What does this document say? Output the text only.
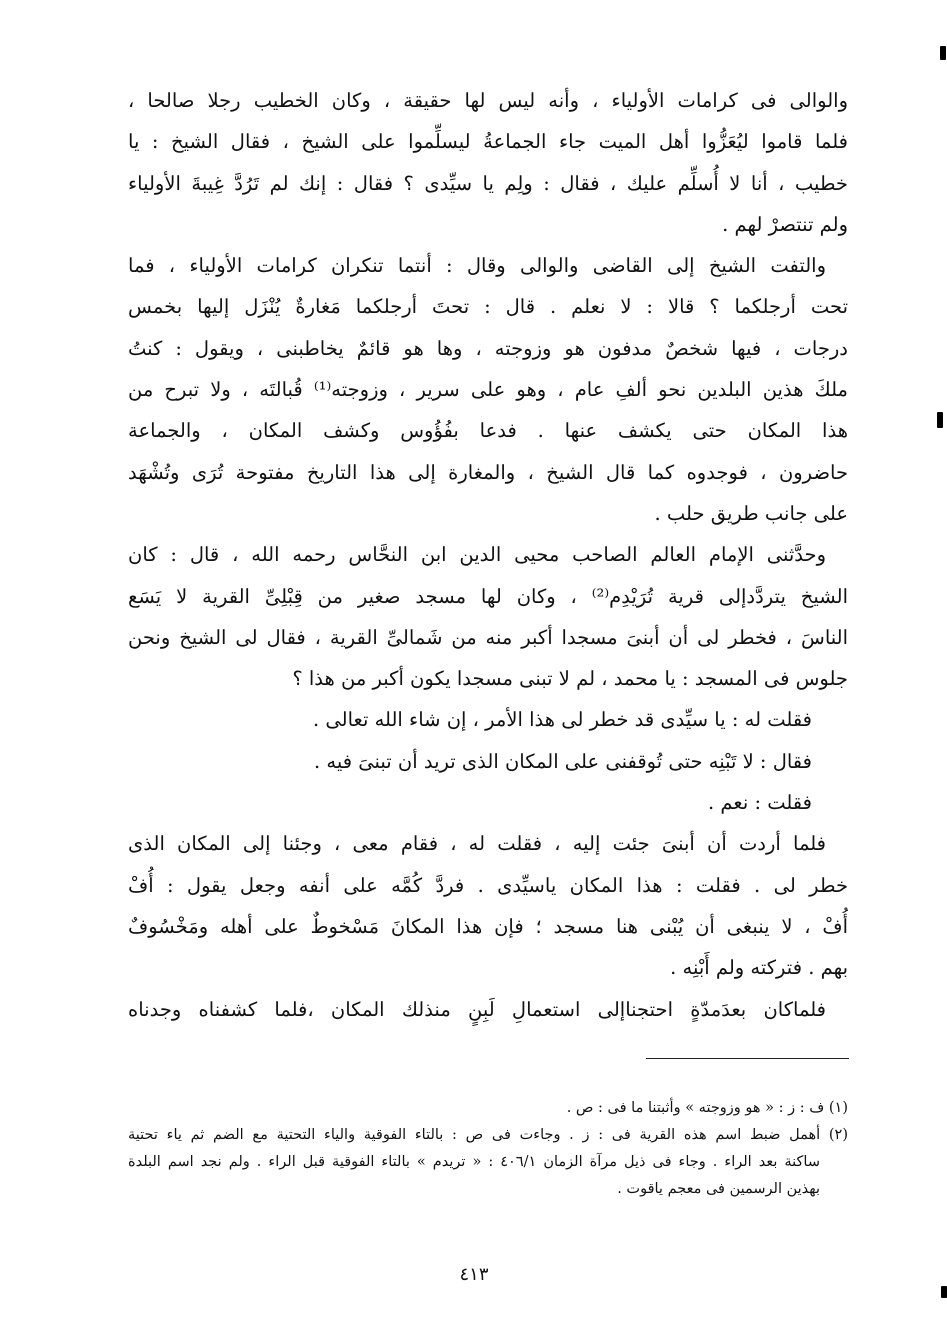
والوالى فى كرامات الأولياء ، وأنه ليس لها حقيقة ، وكان الخطيب رجلا صالحا ،
فلما قاموا ليُعَزُّوا أهل الميت جاء الجماعةُ ليسلِّموا على الشيخ ، فقال الشيخ : يا
خطيب ، أنا لا أُسلِّم عليك ، فقال : ولِم يا سيِّدى ؟ فقال : إنك لم تَرُدَّ غِيبةَ الأولياء
ولم تنتصرْ لهم .
والتفت الشيخ إلى القاضى والوالى وقال : أنتما تنكران كرامات الأولياء ، فما
تحت أرجلكما ؟ قالا : لا نعلم . قال : تحتَ أرجلكما مَغارةٌ يُنْزَل إليها بخمس
درجات ، فيها شخصٌ مدفون هو وزوجته ، وها هو قائمٌ يخاطبنى ، ويقول : كنتُ
ملكَ هذين البلدين نحو ألفِ عام ، وهو على سرير ، وزوجته⁽¹⁾ قُبالتَه ، ولا تبرح من
هذا المكان حتى يكشف عنها . فدعا بفُؤُوس وكشف المكان ، والجماعة
حاضرون ، فوجدوه كما قال الشيخ ، والمغارة إلى هذا التاريخ مفتوحة تُرَى وتُشْهَد
على جانب طريق حلب .
وحدَّثنى الإمام العالم الصاحب محيى الدين ابن النحَّاس رحمه الله ، قال : كان
الشيخ يتردَّدإلى قرية تُرَيْدِم⁽²⁾ ، وكان لها مسجد صغير من قِبْلِىِّ القرية لا يَسَع
الناسَ ، فخطر لى أن أبنىَ مسجدا أكبر منه من شَمالىِّ القرية ، فقال لى الشيخ ونحن
جلوس فى المسجد : يا محمد ، لم لا تبنى مسجدا يكون أكبر من هذا ؟
فقلت له : يا سيِّدى قد خطر لى هذا الأمر ، إن شاء الله تعالى .
فقال : لا تَبْنِه حتى تُوقفنى على المكان الذى تريد أن تبنىَ فيه .
فقلت : نعم .
فلما أردت أن أبنىَ جئت إليه ، فقلت له ، فقام معى ، وجئنا إلى المكان الذى
خطر لى . فقلت : هذا المكان ياسيِّدى . فردَّ كُمَّه على أنفه وجعل يقول : أُفْ
أُفْ ، لا ينبغى أن يُبْنى هنا مسجد ؛ فإن هذا المكانَ مَسْخوطٌ على أهله ومَخْسُوفٌ
بهم . فتركته ولم أَبْنِه .
فلماكان بعدَمدّةٍ احتجناإلى استعمالِ لَبِنٍ منذلك المكان ،فلما كشفناه وجدناه
(١) ف : ز : « هو وزوجته » وأثبتنا ما فى : ص .
(٢) أهمل ضبط اسم هذه القرية فى : ز . وجاءت فى ص : بالتاء الفوقية والياء التحتية مع الضم ثم ياء تحتية
ساكنة بعد الراء . وجاء فى ذيل مرآة الزمان ٤٠٦/١ : « تريدم » بالتاء الفوقية قبل الراء . ولم نجد اسم البلدة
بهذين الرسمين فى معجم ياقوت .
٤١٣
